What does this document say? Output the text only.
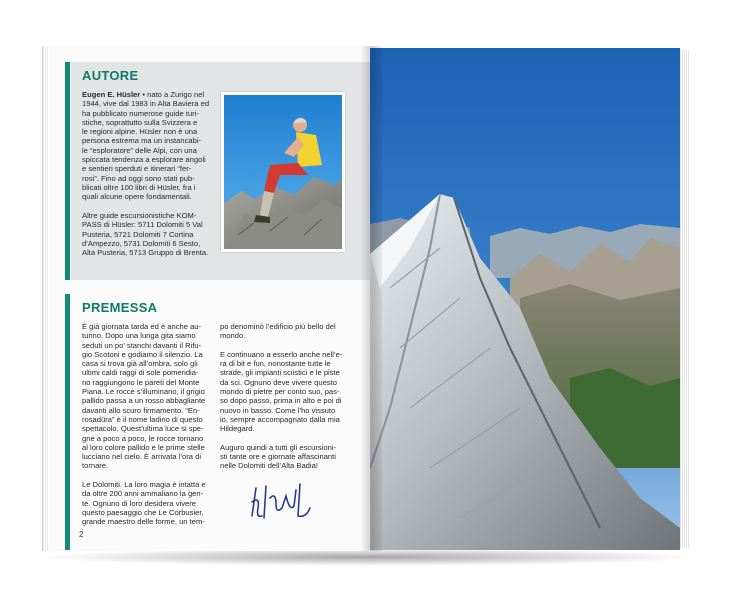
AUTORE

Eugen E. Hüsler • nato a Zurigo nel

1944, vive dal 1983 in Alta Baviera ed
ha pubblicato numerose guide turi-
stiche, soprattutto sulla Svizzera e
le regioni alpine. Hüsler non è una
persona estrema ma un instancabi-
le “esploratore” delle Alpi, con una
spiccata tendenza a esplorare angoli
e sentieri sperduti e itinerari “fer-
rosi”. Fino ad oggi sono stati pub-
blicati oltre 100 libri di Hüsler, fra i
quali alcune opere fondamentali.

Altre guide escursionistiche KOM-
PASS di Hüsler: 5711 Dolomiti 5 Val
Pusteria, 5721 Dolomiti 7 Cortina
d’Ampezzo, 5731 Dolomiti 6 Sesto,
Alta Pusteria, 5713 Gruppo di Brenta.

PREMESSA

È già giornata tarda ed è anche au-
tunno. Dopo una lunga gita siamo
seduti un po’ stanchi davanti il Rifu-
gio Scotoni e godiamo il silenzio. La
casa si trova già all’ombra, solo gli
ultimi caldi raggi di sole pomeridia-
no raggiungono le pareti del Monte
Piana. Le rocce s’illuminano, il grigio
pallido passa a un rosso abbagliante
davanti allo scuro firmamento. “En-
rosadüra” è il nome ladino di questo
spettacolo. Quest’ultima luce si spe-
gne a poco a poco, le rocce tornano
al loro colore pallido e le prime stelle
lucciano nel cielo. È arrivata l’ora di
tornare.

Le Dolomiti. La loro magia è intatta e
da oltre 200 anni ammaliano la gen-
te. Ognuno di loro desidera vivere
questo paesaggio che Le Corbusier,
grande maestro delle forme, un tem-

po denominò l’edificio più bello del
mondo.

E continuano a esserlo anche nell’e-
ra di bit e fun, nonostante tutte le
strade, gli impianti sciistici e le piste
da sci. Ognuno deve vivere questo
mondo di pietre per conto suo, pas-
so dopo passo, prima in alto e poi di
nuovo in basso. Come l’ho vissuto
io, sempre accompagnato dalla mia
Hildegard.

Auguro quindi a tutti gli escursioni-
sti tante ore e giornate affascinanti
nelle Dolomiti dell’Alta Badia!

2
